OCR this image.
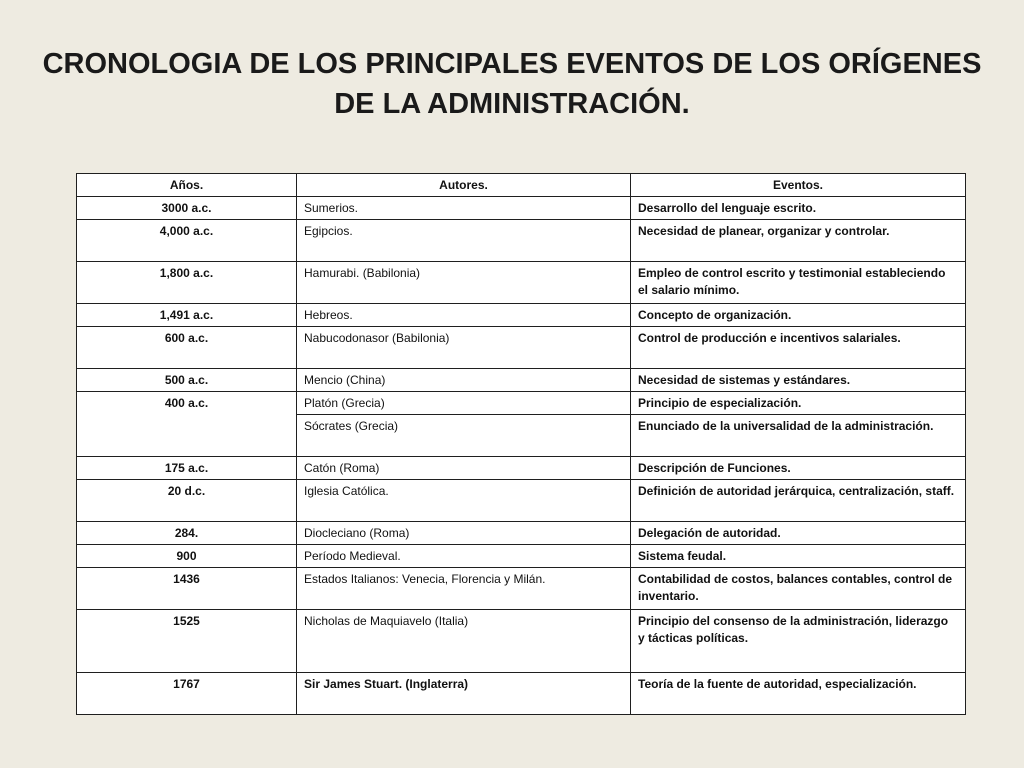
CRONOLOGIA DE LOS PRINCIPALES EVENTOS DE LOS ORÍGENES
DE LA ADMINISTRACIÓN.
Años.	Autores.	Eventos.
3000 a.c.	Sumerios.	Desarrollo del lenguaje escrito.
4,000 a.c.	Egipcios.	Necesidad de planear, organizar y controlar.
1,800 a.c.	Hamurabi. (Babilonia)	Empleo de control escrito y testimonial estableciendo el salario mínimo.
1,491 a.c.	Hebreos.	Concepto de organización.
600 a.c.	Nabucodonasor (Babilonia)	Control de producción e incentivos salariales.
500 a.c.	Mencio (China)	Necesidad de sistemas y estándares.
400 a.c.	Platón (Grecia)	Principio de especialización.
	Sócrates (Grecia)	Enunciado de la universalidad de la administración.
175 a.c.	Catón (Roma)	Descripción de Funciones.
20 d.c.	Iglesia Católica.	Definición de autoridad jerárquica, centralización, staff.
284.	Diocleciano (Roma)	Delegación de autoridad.
900	Período Medieval.	Sistema feudal.
1436	Estados Italianos: Venecia, Florencia y Milán.	Contabilidad de costos, balances contables, control de inventario.
1525	Nicholas de Maquiavelo (Italia)	Principio del consenso de la administración, liderazgo y tácticas políticas.
1767	Sir James Stuart. (Inglaterra)	Teoría de la fuente de autoridad, especialización.
